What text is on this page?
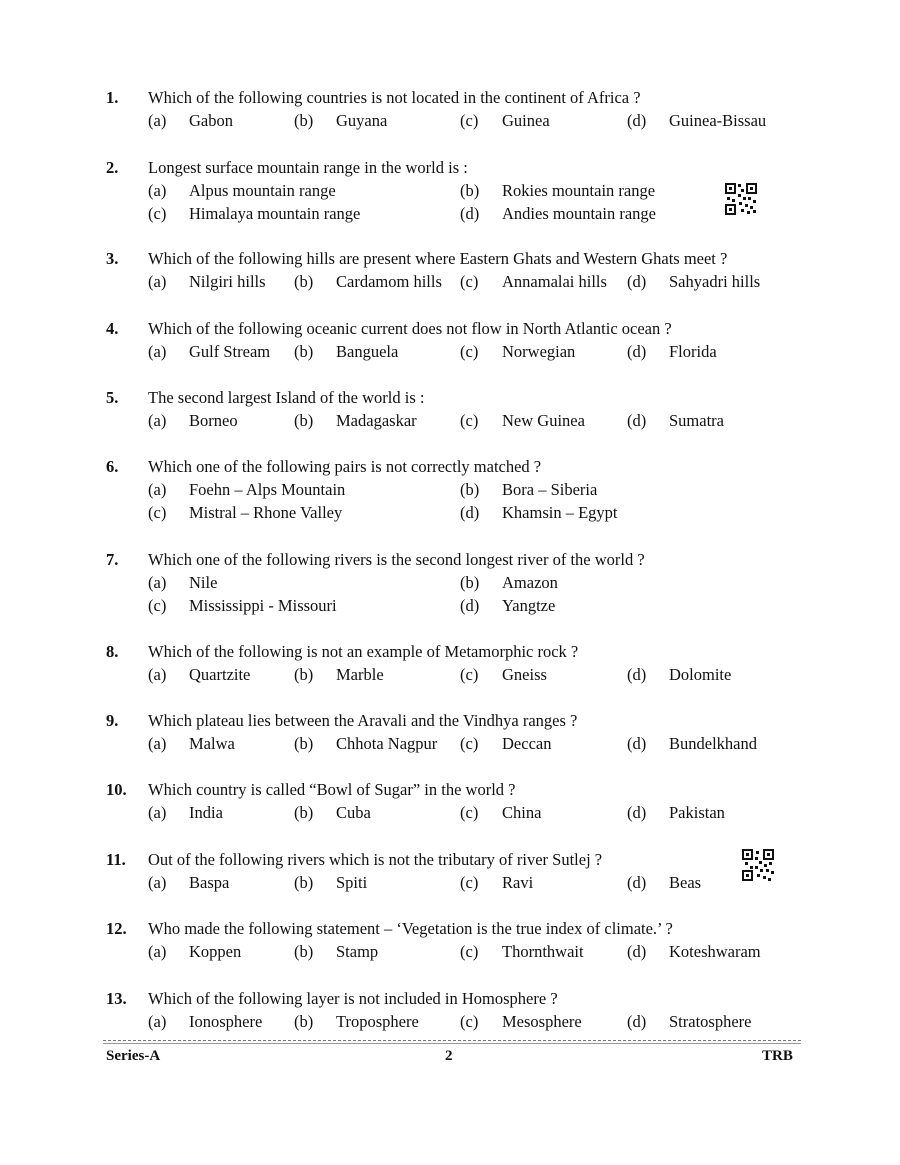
1. Which of the following countries is not located in the continent of Africa ?
(a) Gabon	(b) Guyana	(c) Guinea	(d) Guinea-Bissau
2. Longest surface mountain range in the world is :
(a) Alpus mountain range	(b) Rokies mountain range
(c) Himalaya mountain range	(d) Andies mountain range
3. Which of the following hills are present where Eastern Ghats and Western Ghats meet ?
(a) Nilgiri hills (b) Cardamom hills (c) Annamalai hills (d) Sahyadri hills
4. Which of the following oceanic current does not flow in North Atlantic ocean ?
(a) Gulf Stream (b) Banguela	(c) Norwegian	(d) Florida
5. The second largest Island of the world is :
(a) Borneo	(b) Madagaskar	(c) New Guinea	(d) Sumatra
6. Which one of the following pairs is not correctly matched ?
(a) Foehn – Alps Mountain	(b) Bora – Siberia
(c) Mistral – Rhone Valley	(d) Khamsin – Egypt
7. Which one of the following rivers is the second longest river of the world ?
(a) Nile	(b) Amazon
(c) Mississippi - Missouri	(d) Yangtze
8. Which of the following is not an example of Metamorphic rock ?
(a) Quartzite	(b) Marble	(c) Gneiss	(d) Dolomite
9. Which plateau lies between the Aravali and the Vindhya ranges ?
(a) Malwa	(b) Chhota Nagpur (c) Deccan	(d) Bundelkhand
10. Which country is called “Bowl of Sugar” in the world ?
(a) India	(b) Cuba	(c) China	(d) Pakistan
11. Out of the following rivers which is not the tributary of river Sutlej ?
(a) Baspa	(b) Spiti	(c) Ravi	(d) Beas
12. Who made the following statement – ‘Vegetation is the true index of climate.’ ?
(a) Koppen	(b) Stamp	(c) Thornthwait	(d) Koteshwaram
13. Which of the following layer is not included in Homosphere ?
(a) Ionosphere (b) Troposphere (c) Mesosphere	(d) Stratosphere
Series-A	2	TRB
